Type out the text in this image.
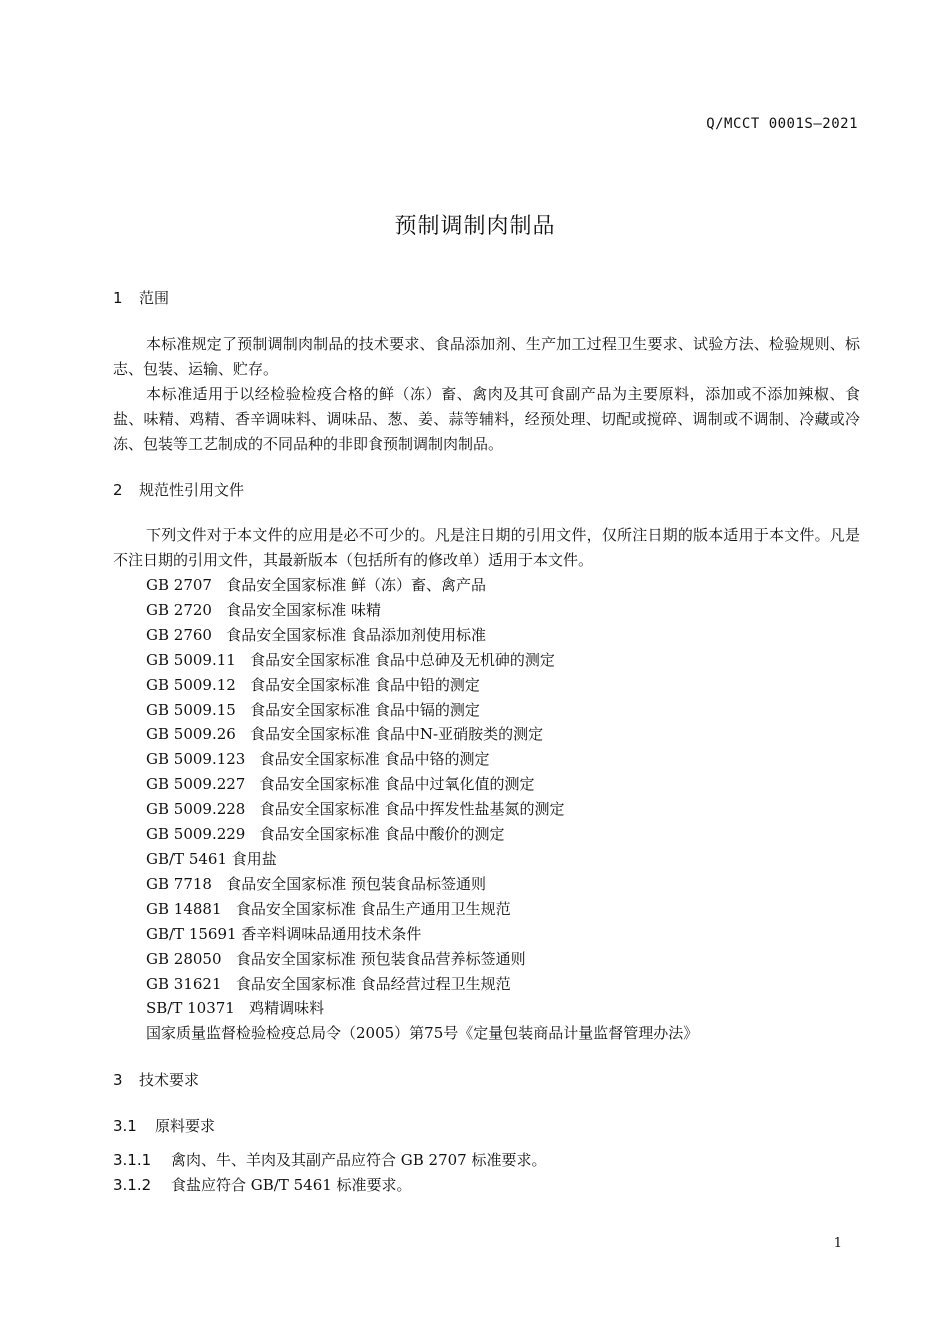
Q/MCCT 0001S—2021
预制调制肉制品
1 范围

本标准规定了预制调制肉制品的技术要求、食品添加剂、生产加工过程卫生要求、试验方法、检验规则、标志、包装、运输、贮存。

本标准适用于以经检验检疫合格的鲜（冻）畜、禽肉及其可食副产品为主要原料，添加或不添加辣椒、食盐、味精、鸡精、香辛调味料、调味品、葱、姜、蒜等辅料，经预处理、切配或搅碎、调制或不调制、冷藏或冷冻、包装等工艺制成的不同品种的非即食预制调制肉制品。

2 规范性引用文件

下列文件对于本文件的应用是必不可少的。凡是注日期的引用文件，仅所注日期的版本适用于本文件。凡是不注日期的引用文件，其最新版本（包括所有的修改单）适用于本文件。

GB 2707 食品安全国家标准 鲜（冻）畜、禽产品
GB 2720 食品安全国家标准 味精
GB 2760 食品安全国家标准 食品添加剂使用标准
GB 5009.11 食品安全国家标准 食品中总砷及无机砷的测定
GB 5009.12 食品安全国家标准 食品中铅的测定
GB 5009.15 食品安全国家标准 食品中镉的测定
GB 5009.26 食品安全国家标准 食品中N-亚硝胺类的测定
GB 5009.123 食品安全国家标准 食品中铬的测定
GB 5009.227 食品安全国家标准 食品中过氧化值的测定
GB 5009.228 食品安全国家标准 食品中挥发性盐基氮的测定
GB 5009.229 食品安全国家标准 食品中酸价的测定
GB/T 5461 食用盐
GB 7718 食品安全国家标准 预包装食品标签通则
GB 14881 食品安全国家标准 食品生产通用卫生规范
GB/T 15691 香辛料调味品通用技术条件
GB 28050 食品安全国家标准 预包装食品营养标签通则
GB 31621 食品安全国家标准 食品经营过程卫生规范
SB/T 10371 鸡精调味料
国家质量监督检验检疫总局令（2005）第75号《定量包装商品计量监督管理办法》
3 技术要求
3.1 原料要求
3.1.1 禽肉、牛、羊肉及其副产品应符合 GB 2707 标准要求。
3.1.2 食盐应符合 GB/T 5461 标准要求。
1
